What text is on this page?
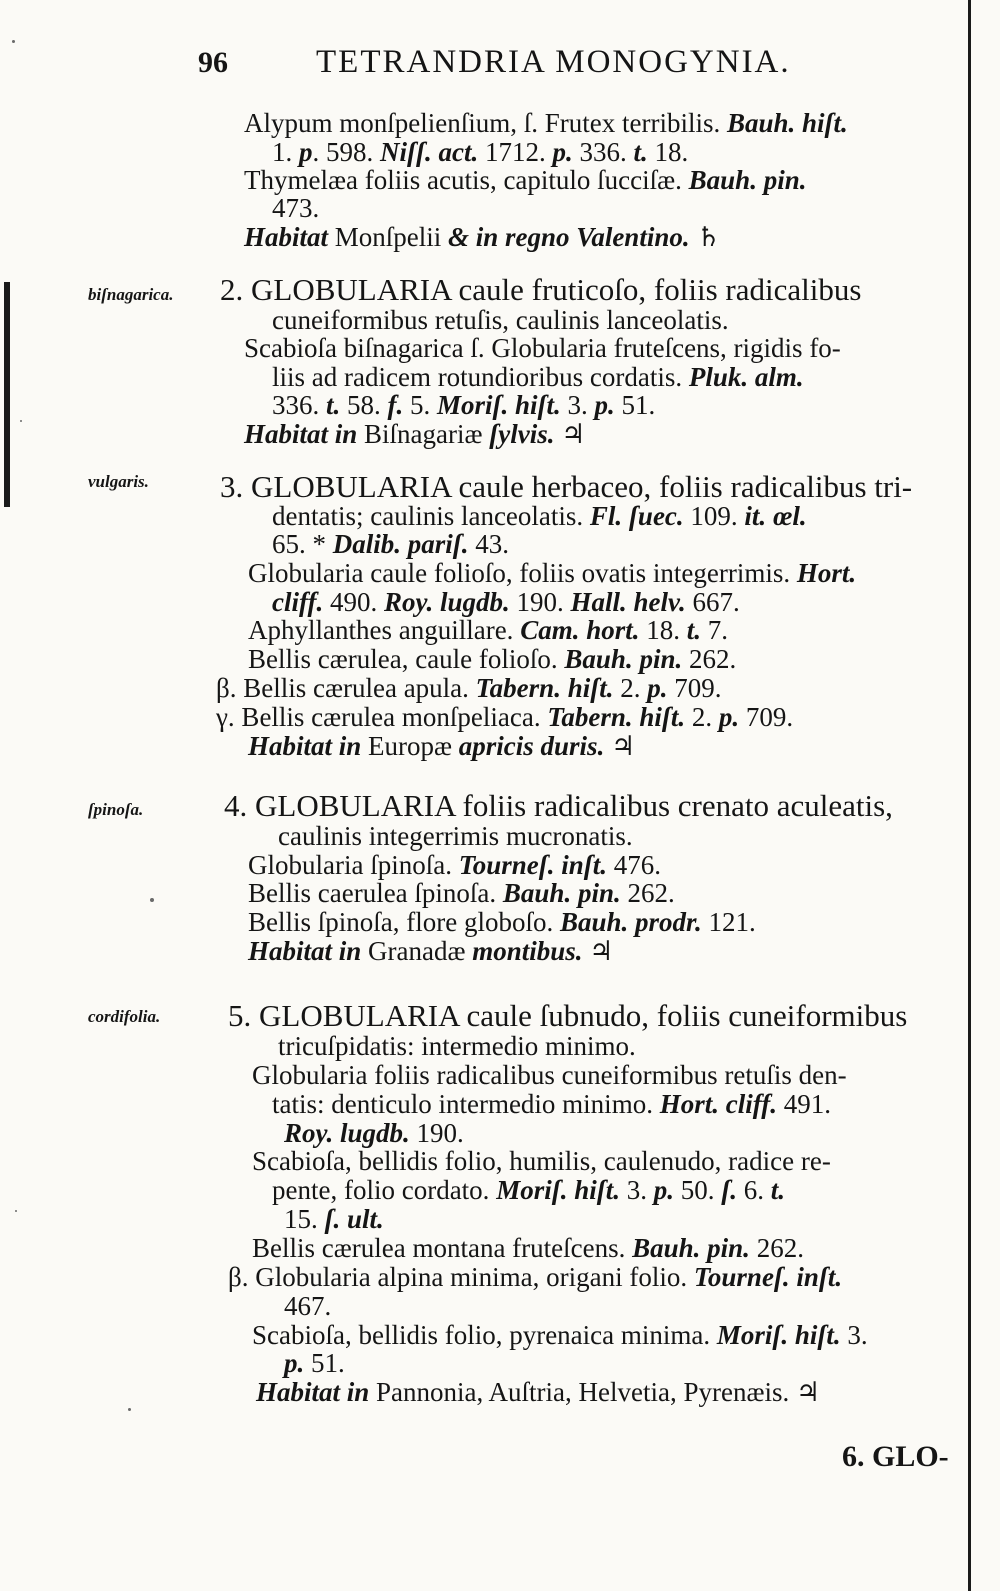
96	TETRANDRIA MONOGYNIA.
biſnagarica.
vulgaris.
ſpinoſa.
cordifolia.
Alypum monſpelienſium, ſ. Frutex terribilis. Bauh. hiſt.
1. p. 598. Niſſ. act. 1712. p. 336. t. 18.
Thymelæa foliis acutis, capitulo ſucciſæ. Bauh. pin.
473.
Habitat Monſpelii & in regno Valentino. ♄
2. GLOBULARIA caule fruticoſo, foliis radicalibus
cuneiformibus retuſis, caulinis lanceolatis.
Scabioſa biſnagarica ſ. Globularia fruteſcens, rigidis fo-
liis ad radicem rotundioribus cordatis. Pluk. alm.
336. t. 58. f. 5. Moriſ. hiſt. 3. p. 51.
Habitat in Biſnagariæ ſylvis. ♃
3. GLOBULARIA caule herbaceo, foliis radicalibus tri-
dentatis; caulinis lanceolatis. Fl. ſuec. 109. it. œl.
65. * Dalib. pariſ. 43.
Globularia caule folioſo, foliis ovatis integerrimis. Hort.
cliff. 490. Roy. lugdb. 190. Hall. helv. 667.
Aphyllanthes anguillare. Cam. hort. 18. t. 7.
Bellis cærulea, caule folioſo. Bauh. pin. 262.
β. Bellis cærulea apula. Tabern. hiſt. 2. p. 709.
γ. Bellis cærulea monſpeliaca. Tabern. hiſt. 2. p. 709.
Habitat in Europæ apricis duris. ♃
4. GLOBULARIA foliis radicalibus crenato aculeatis,
caulinis integerrimis mucronatis.
Globularia ſpinoſa. Tourneſ. inſt. 476.
Bellis caerulea ſpinoſa. Bauh. pin. 262.
Bellis ſpinoſa, flore globoſo. Bauh. prodr. 121.
Habitat in Granadæ montibus. ♃
5. GLOBULARIA caule ſubnudo, foliis cuneiformibus
tricuſpidatis: intermedio minimo.
Globularia foliis radicalibus cuneiformibus retuſis den-
tatis: denticulo intermedio minimo. Hort. cliff. 491.
Roy. lugdb. 190.
Scabioſa, bellidis folio, humilis, caulenudo, radice re-
pente, folio cordato. Moriſ. hiſt. 3. p. 50. ſ. 6. t.
15. ſ. ult.
Bellis cærulea montana fruteſcens. Bauh. pin. 262.
β. Globularia alpina minima, origani folio. Tourneſ. inſt.
467.
Scabioſa, bellidis folio, pyrenaica minima. Moriſ. hiſt. 3.
p. 51.
Habitat in Pannonia, Auſtria, Helvetia, Pyrenæis. ♃
6. GLO-
